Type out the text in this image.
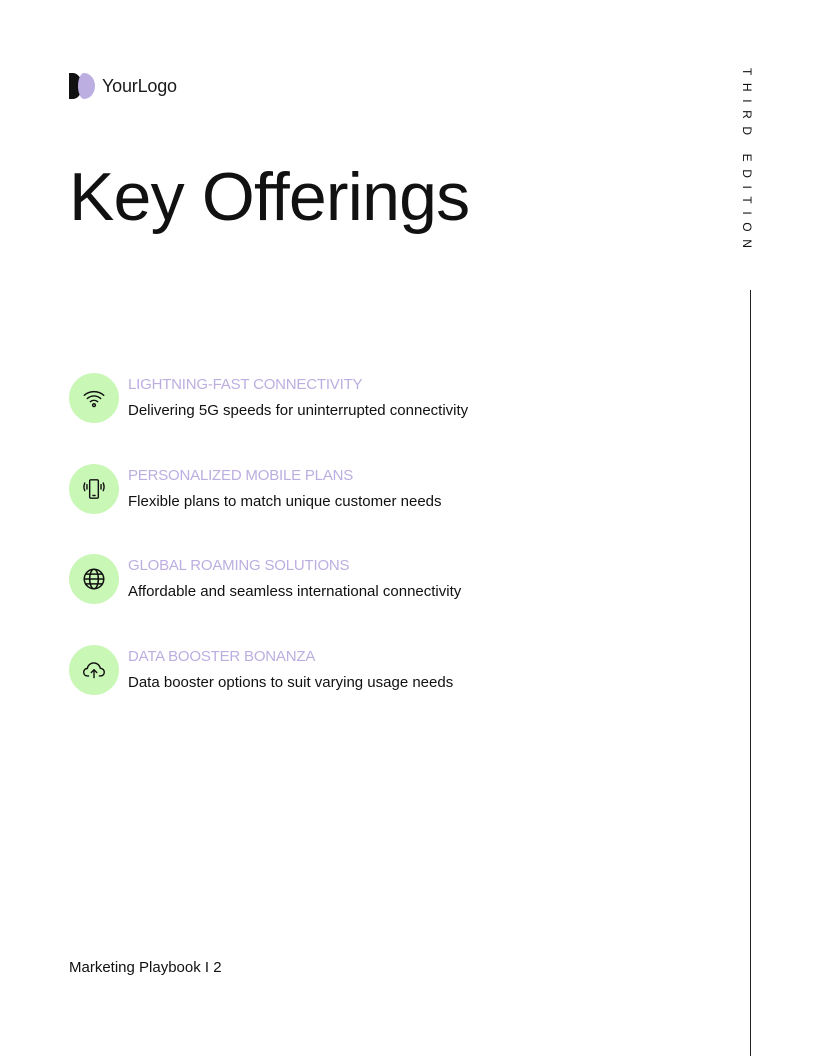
YourLogo
Key Offerings	THIRD EDITION
LIGHTNING-FAST CONNECTIVITY
Delivering 5G speeds for uninterrupted connectivity
PERSONALIZED MOBILE PLANS
Flexible plans to match unique customer needs
GLOBAL ROAMING SOLUTIONS
Affordable and seamless international connectivity
DATA BOOSTER BONANZA
Data booster options to suit varying usage needs
Marketing Playbook I 2
